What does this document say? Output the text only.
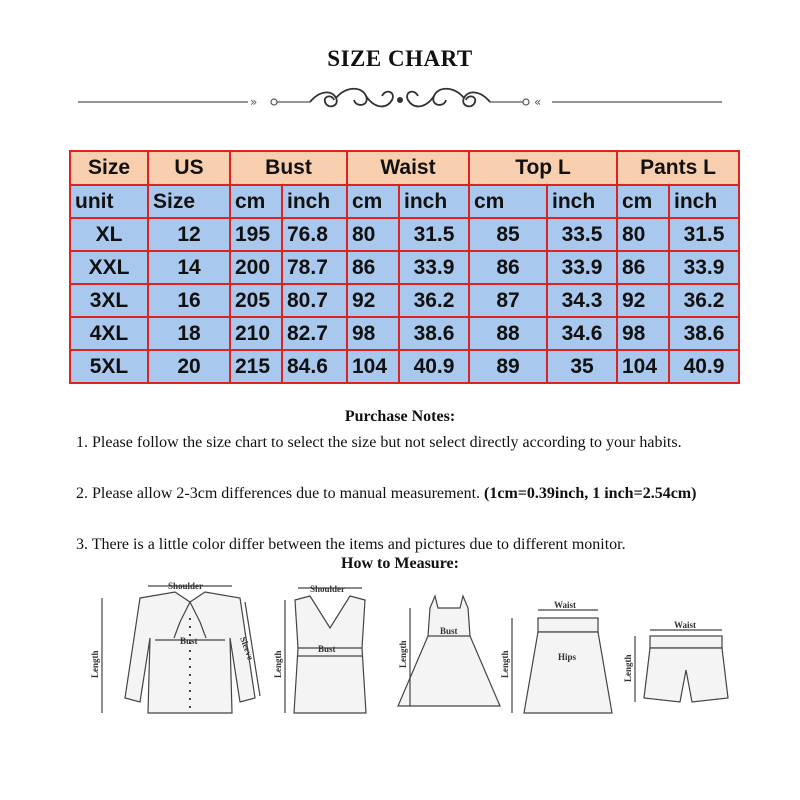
SIZE CHART
»	«
Size	US	Bust		Waist		Top L		Pants L	
unit	Size	cm	inch	cm	inch	cm	inch	cm	inch
XL	12	195	76.8	80	31.5	85	33.5	80	31.5
XXL	14	200	78.7	86	33.9	86	33.9	86	33.9
3XL	16	205	80.7	92	36.2	87	34.3	92	36.2
4XL	18	210	82.7	98	38.6	88	34.6	98	38.6
5XL	20	215	84.6	104	40.9	89	35	104	40.9
Purchase Notes:
1. Please follow the size chart to select the size but not select directly according to your habits.
2. Please allow 2-3cm differences due to manual measurement. (1cm=0.39inch, 1 inch=2.54cm)
3. There is a little color differ between the items and pictures due to different monitor.
How to Measure:
Shoulder
Bust	Sleeve
Length
Shoulder
Bust
Length
Bust
Length
Waist
Hips
Length
Waist
Length
